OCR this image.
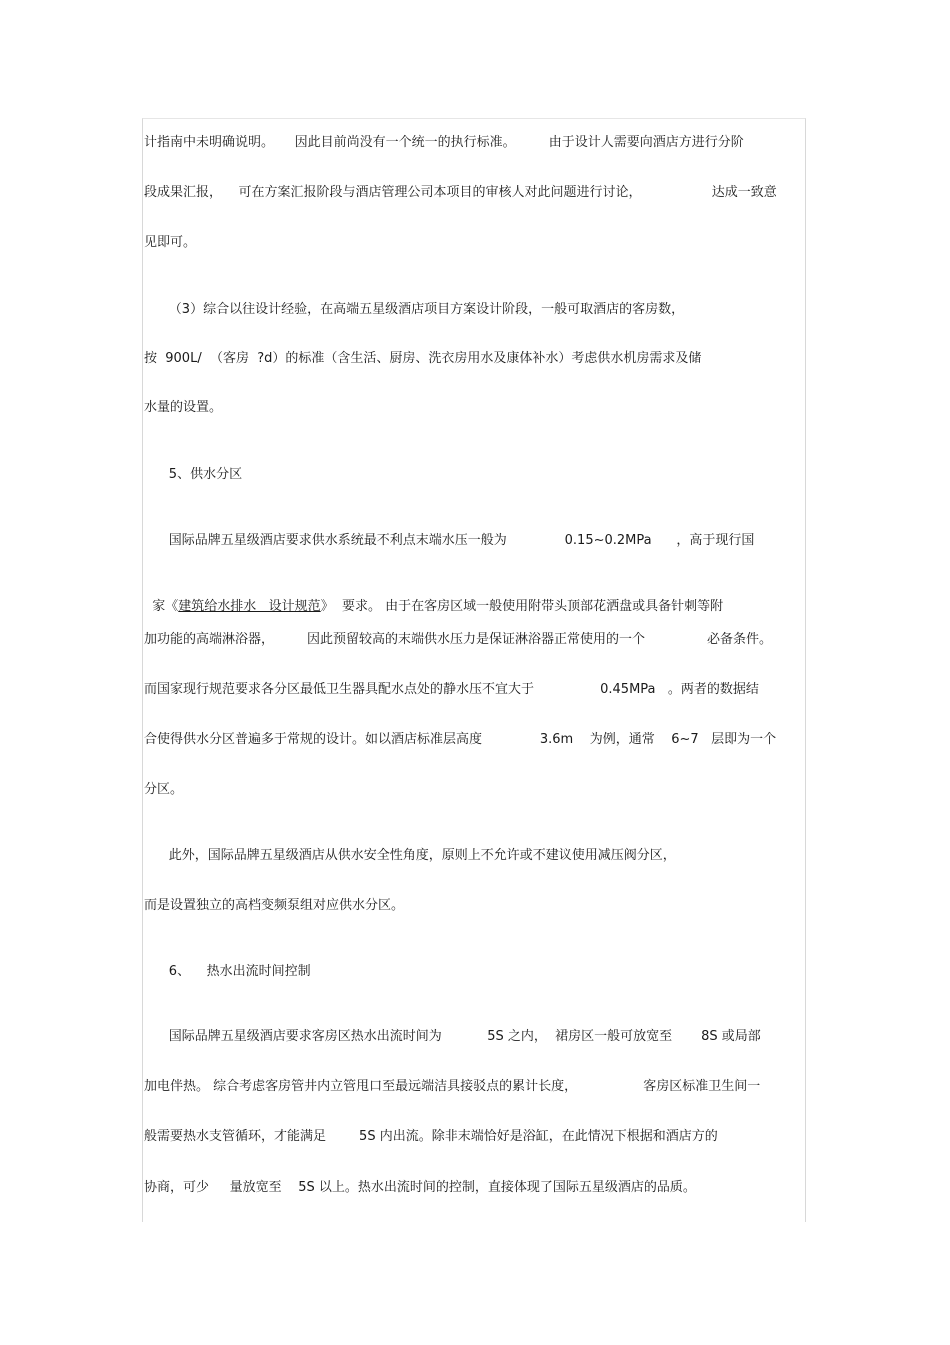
计指南中未明确说明。     因此目前尚没有一个统一的执行标准。        由于设计人需要向酒店方进行分阶
段成果汇报，    可在方案汇报阶段与酒店管理公司本项目的审核人对此问题进行讨论，                 达成一致意
见即可。
（3）综合以往设计经验，在高端五星级酒店项目方案设计阶段，一般可取酒店的客房数，
按  900L/  （客房  ?d）的标准（含生活、厨房、洗衣房用水及康体补水）考虑供水机房需求及储
水量的设置。
5、供水分区
国际品牌五星级酒店要求供水系统最不利点末端水压一般为              0.15~0.2MPa      ，高于现行国

家《建筑给水排水   设计规范》  要求。 由于在客房区域一般使用附带头顶部花洒盘或具备针刺等附

加功能的高端淋浴器，        因此预留较高的末端供水压力是保证淋浴器正常使用的一个               必备条件。
而国家现行规范要求各分区最低卫生器具配水点处的静水压不宜大于                0.45MPa   。两者的数据结
合使得供水分区普遍多于常规的设计。如以酒店标准层高度              3.6m    为例，通常    6~7   层即为一个
分区。
此外，国际品牌五星级酒店从供水安全性角度，原则上不允许或不建议使用减压阀分区，
而是设置独立的高档变频泵组对应供水分区。
6、    热水出流时间控制
国际品牌五星级酒店要求客房区热水出流时间为           5S 之内，  裙房区一般可放宽至       8S 或局部
加电伴热。 综合考虑客房管井内立管甩口至最远端洁具接驳点的累计长度，                客房区标准卫生间一
般需要热水支管循环，才能满足        5S 内出流。除非末端恰好是浴缸，在此情况下根据和酒店方的
协商，可少     量放宽至    5S 以上。热水出流时间的控制，直接体现了国际五星级酒店的品质。
